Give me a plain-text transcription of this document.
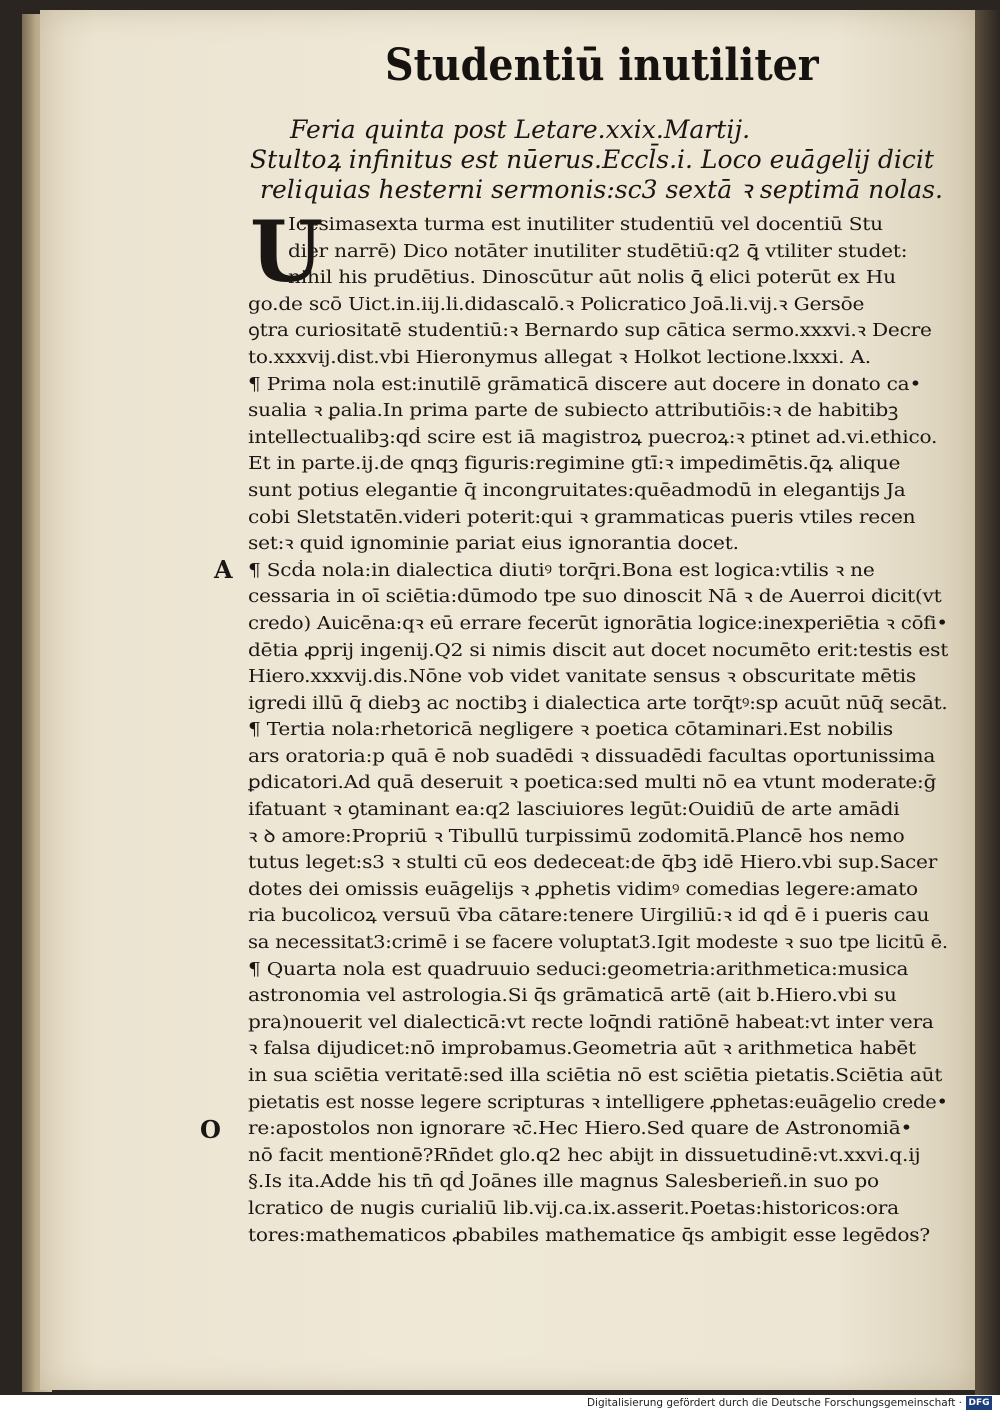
Studentiū inutiliter
Feria quinta post Letare.xxix.Martij.
Stultoꝝ infinitus est nūerus.Eccl̄s.i. Loco euāgelij dicit
reliquias hesterni sermonis:sc3 sextā ꝛ septimā nolas.
U
Icesimasexta turma est inutiliter studentiū vel docentiū Stu
dier narrē) Dico notāter inutiliter studētiū:q2 ꝗ̄ vtiliter studet:
nihil his prudētius. Dinoscūtur aūt nolis ꝗ̄ elici poterūt ex Hu
go.de scō Uict.in.iij.li.didascalō.ꝛ Policratico Joā.li.vij.ꝛ Gersōe
ꝯtra curiositatē studentiū:ꝛ Bernardo sup cātica sermo.xxxvi.ꝛ Decre
to.xxxvij.dist.vbi Hieronymus allegat ꝛ Holkot lectione.lxxxi. A.
¶ Prima nola est:inutilē grāmaticā discere aut docere in donato ca•
sualia ꝛ ꝑalia.In prima parte de subiecto attributiōis:ꝛ de habitibꝫ
intellectualibꝫ:qḋ scire est iā magistroꝝ puecroꝝ:ꝛ ptinet ad.vi.ethico.
Et in parte.ij.de qnqꝫ figuris:regimine gtī:ꝛ impedimētis.q̄ꝝ alique
sunt potius elegantie q̄ incongruitates:quēadmodū in elegantijs Ja
cobi Sletstatēn.videri poterit:qui ꝛ grammaticas pueris vtiles recen
set:ꝛ quid ignominie pariat eius ignorantia docet.
¶ Scḋa nola:in dialectica diutiꝰ torq̄ri.Bona est logica:vtilis ꝛ ne
cessaria in oī sciētia:dūmodo tpe suo dinoscit Nā ꝛ de Auerroi dicit(vt
credo) Auicēna:qꝛ eū errare fecerūt ignorātia logice:inexperiētia ꝛ cōfi•
dētia ꝓprij ingenij.Q2 si nimis discit aut docet nocumēto erit:testis est
Hiero.xxxvij.dis.Nōne vob videt vanitate sensus ꝛ obscuritate mētis
igredi illū q̄ diebꝫ ac noctibꝫ i dialectica arte torq̄tꝰ:sp acuūt nūq̄ secāt.
¶ Tertia nola:rhetoricā negligere ꝛ poetica cōtaminari.Est nobilis
ars oratoria:p quā ē nob suadēdi ꝛ dissuadēdi facultas oportunissima
ꝑdicatori.Ad quā deseruit ꝛ poetica:sed multi nō ea vtunt moderate:ḡ
ifatuant ꝛ ꝯtaminant ea:q2 lasciuiores legūt:Ouidiū de arte amādi
ꝛ ꝺ amore:Propriū ꝛ Tibullū turpissimū zodomitā.Plancē hos nemo
tutus leget:s3 ꝛ stulti cū eos dedeceat:de q̄bꝫ idē Hiero.vbi sup.Sacer
dotes dei omissis euāgelijs ꝛ ꝓphetis vidimꝰ comedias legere:amato
ria bucolicoꝝ versuū v̄ba cātare:tenere Uirgiliū:ꝛ id qḋ ē i pueris cau
sa necessitat3:crimē i se facere voluptat3.Igit modeste ꝛ suo tpe licitū ē.
¶ Quarta nola est quadruuio seduci:geometria:arithmetica:musica
astronomia vel astrologia.Si q̄s grāmaticā artē (ait b.Hiero.vbi su
pra)nouerit vel dialecticā:vt recte loq̄ndi ratiōnē habeat:vt inter vera
ꝛ falsa dijudicet:nō improbamus.Geometria aūt ꝛ arithmetica habēt
in sua sciētia veritatē:sed illa sciētia nō est sciētia pietatis.Sciētia aūt
pietatis est nosse legere scripturas ꝛ intelligere ꝓphetas:euāgelio crede•
re:apostolos non ignorare ꝛc̄.Hec Hiero.Sed quare de Astronomiā•
nō facit mentionē?Rn̄det glo.q2 hec abijt in dissuetudinē:vt.xxvi.q.ij
§.Is ita.Adde his tn̄ qḋ Joānes ille magnus Salesberieñ.in suo po
lcratico de nugis curialiū lib.vij.ca.ix.asserit.Poetas:historicos:ora
tores:mathematicos ꝓbabiles mathematice q̄s ambigit esse legēdos?
A
O
Digitalisierung gefördert durch die Deutsche Forschungsgemeinschaft · DFG
